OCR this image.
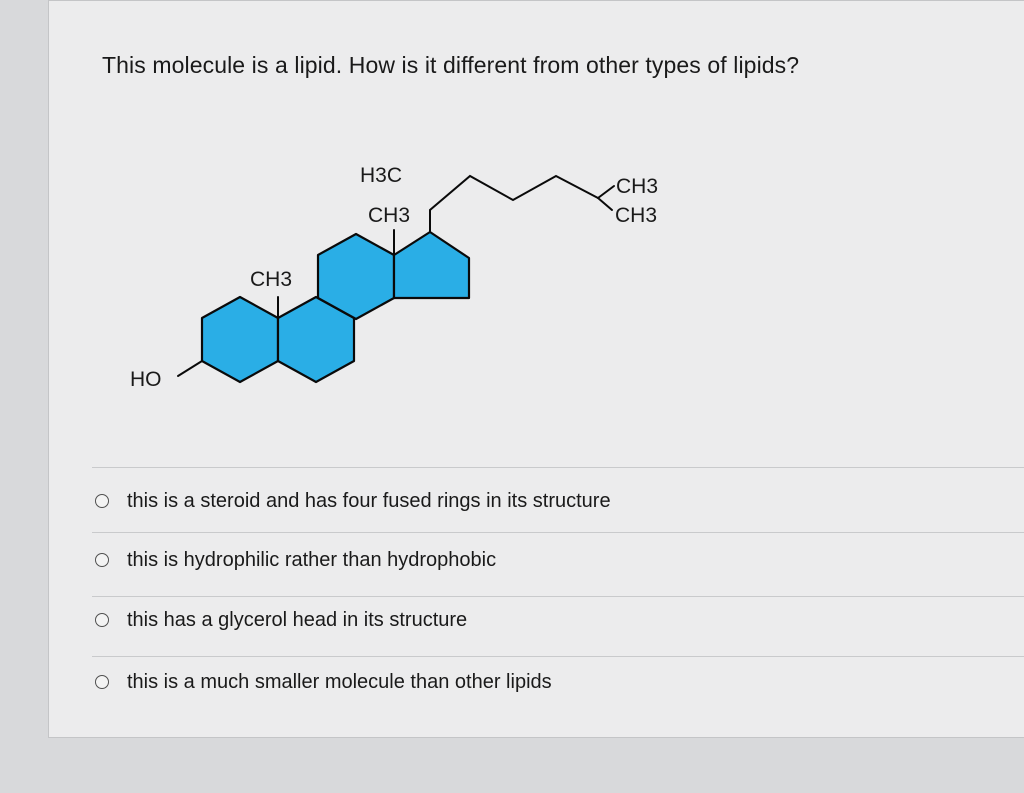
This molecule is a lipid. How is it different from other types of lipids?
H3C
CH3
CH3
CH3
CH3
HO
this is a steroid and has four fused rings in its structure
this is hydrophilic rather than hydrophobic
this has a glycerol head in its structure
this is a much smaller molecule than other lipids
